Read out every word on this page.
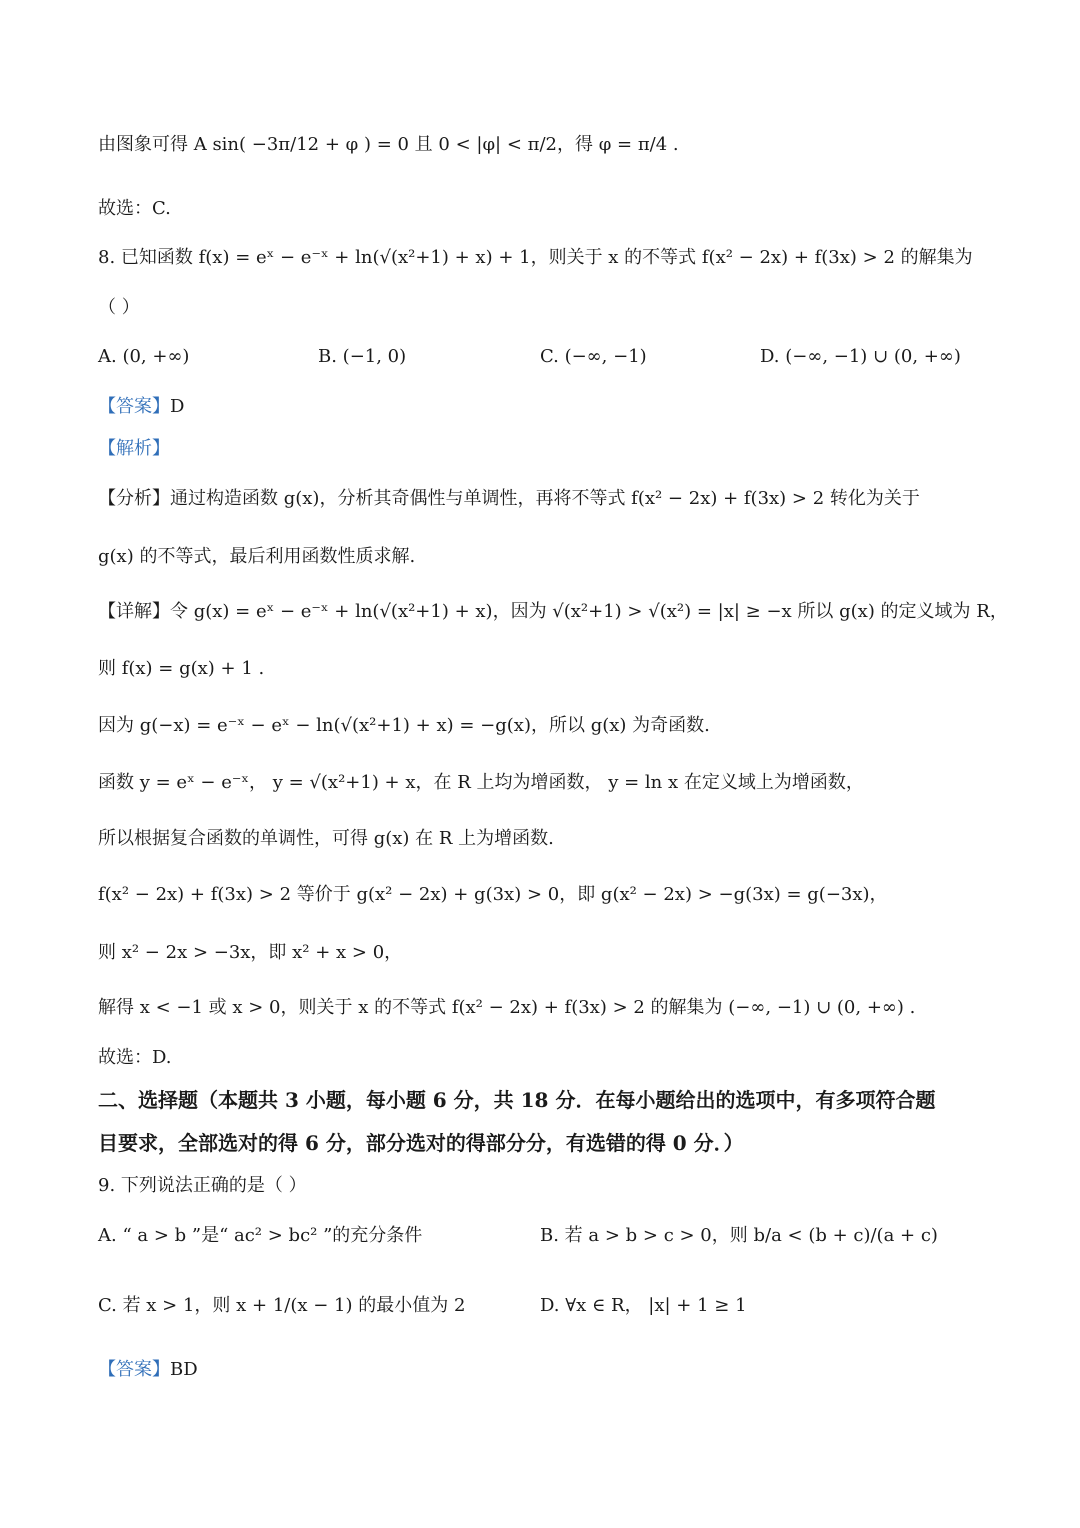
由图象可得 A sin( −3π/12 + φ ) = 0 且 0 < |φ| < π/2，得 φ = π/4 .
故选：C.
8. 已知函数 f(x) = eˣ − e⁻ˣ + ln(√(x²+1) + x) + 1，则关于 x 的不等式 f(x² − 2x) + f(3x) > 2 的解集为
（ ）
A. (0, +∞)	B. (−1, 0)	C. (−∞, −1)	D. (−∞, −1) ∪ (0, +∞)
【答案】D
【解析】
【分析】通过构造函数 g(x)，分析其奇偶性与单调性，再将不等式 f(x² − 2x) + f(3x) > 2 转化为关于
g(x) 的不等式，最后利用函数性质求解.
【详解】令 g(x) = eˣ − e⁻ˣ + ln(√(x²+1) + x)，因为 √(x²+1) > √(x²) = |x| ≥ −x 所以 g(x) 的定义域为 R，
则 f(x) = g(x) + 1 .
因为 g(−x) = e⁻ˣ − eˣ − ln(√(x²+1) + x) = −g(x)，所以 g(x) 为奇函数.
函数 y = eˣ − e⁻ˣ， y = √(x²+1) + x，在 R 上均为增函数， y = ln x 在定义域上为增函数，
所以根据复合函数的单调性，可得 g(x) 在 R 上为增函数.
f(x² − 2x) + f(3x) > 2 等价于 g(x² − 2x) + g(3x) > 0，即 g(x² − 2x) > −g(3x) = g(−3x)，
则 x² − 2x > −3x，即 x² + x > 0，
解得 x < −1 或 x > 0，则关于 x 的不等式 f(x² − 2x) + f(3x) > 2 的解集为 (−∞, −1) ∪ (0, +∞) .
故选：D.
二、选择题（本题共 3 小题，每小题 6 分，共 18 分．在每小题给出的选项中，有多项符合题
目要求，全部选对的得 6 分，部分选对的得部分分，有选错的得 0 分．）
9. 下列说法正确的是（ ）
A. “ a > b ”是“ ac² > bc² ”的充分条件	B. 若 a > b > c > 0，则 b/a < (b + c)/(a + c)
C. 若 x > 1，则 x + 1/(x − 1) 的最小值为 2	D. ∀x ∈ R， |x| + 1 ≥ 1
【答案】BD
